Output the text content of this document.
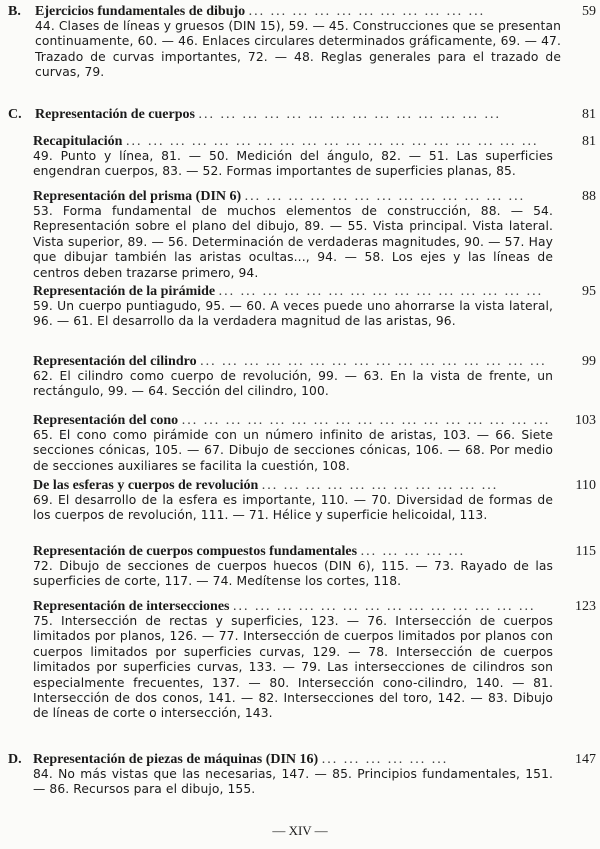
B. Ejercicios fundamentales de dibujo ... ... ... ... ... ... ... ... ... ... ...
44. Clases de líneas y gruesos (DIN 15), 59. — 45. Construcciones que se presentan continuamente, 60. — 46. Enlaces circulares determinados gráficamente, 69. — 47. Trazado de curvas importantes, 72. — 48. Reglas generales para el trazado de curvas, 79.
59
C. Representación de cuerpos ... ... ... ... ... ... ... ... ... ... ... ... ... ...	81
Recapitulación ... ... ... ... ... ... ... ... ... ... ... ... ... ... ... ... ... ... ...
49. Punto y línea, 81. — 50. Medición del ángulo, 82. — 51. Las superficies engendran cuerpos, 83. — 52. Formas importantes de superficies planas, 85.
81
Representación del prisma (DIN 6) ... ... ... ... ... ... ... ... ... ... ... ... ...
53. Forma fundamental de muchos elementos de construcción, 88. — 54. Representación sobre el plano del dibujo, 89. — 55. Vista principal. Vista lateral. Vista superior, 89. — 56. Determinación de verdaderas magnitudes, 90. — 57. Hay que dibujar también las aristas ocultas..., 94. — 58. Los ejes y las líneas de centros deben trazarse primero, 94.
88
Representación de la pirámide ... ... ... ... ... ... ... ... ... ... ... ... ... ... ...
59. Un cuerpo puntiagudo, 95. — 60. A veces puede uno ahorrarse la vista lateral, 96. — 61. El desarrollo da la verdadera magnitud de las aristas, 96.
95
Representación del cilindro ... ... ... ... ... ... ... ... ... ... ... ... ... ... ... ...
62. El cilindro como cuerpo de revolución, 99. — 63. En la vista de frente, un rectángulo, 99. — 64. Sección del cilindro, 100.
99
Representación del cono ... ... ... ... ... ... ... ... ... ... ... ... ... ... ... ... ...
65. El cono como pirámide con un número infinito de aristas, 103. — 66. Siete secciones cónicas, 105. — 67. Dibujo de secciones cónicas, 106. — 68. Por medio de secciones auxiliares se facilita la cuestión, 108.
103
De las esferas y cuerpos de revolución ... ... ... ... ... ... ... ... ... ... ...
69. El desarrollo de la esfera es importante, 110. — 70. Diversidad de formas de los cuerpos de revolución, 111. — 71. Hélice y superficie helicoidal, 113.
110
Representación de cuerpos compuestos fundamentales ... ... ... ... ...
72. Dibujo de secciones de cuerpos huecos (DIN 6), 115. — 73. Rayado de las superficies de corte, 117. — 74. Medítense los cortes, 118.
115
Representación de intersecciones ... ... ... ... ... ... ... ... ... ... ... ... ... ...
75. Intersección de rectas y superficies, 123. — 76. Intersección de cuerpos limitados por planos, 126. — 77. Intersección de cuerpos limitados por planos con cuerpos limitados por superficies curvas, 129. — 78. Intersección de cuerpos limitados por superficies curvas, 133. — 79. Las intersecciones de cilindros son especialmente frecuentes, 137. — 80. Intersección cono-cilindro, 140. — 81. Intersección de dos conos, 141. — 82. Intersecciones del toro, 142. — 83. Dibujo de líneas de corte o intersección, 143.
123
D. Representación de piezas de máquinas (DIN 16) ... ... ... ... ... ...
84. No más vistas que las necesarias, 147. — 85. Principios fundamentales, 151. — 86. Recursos para el dibujo, 155.
147
— XIV —
